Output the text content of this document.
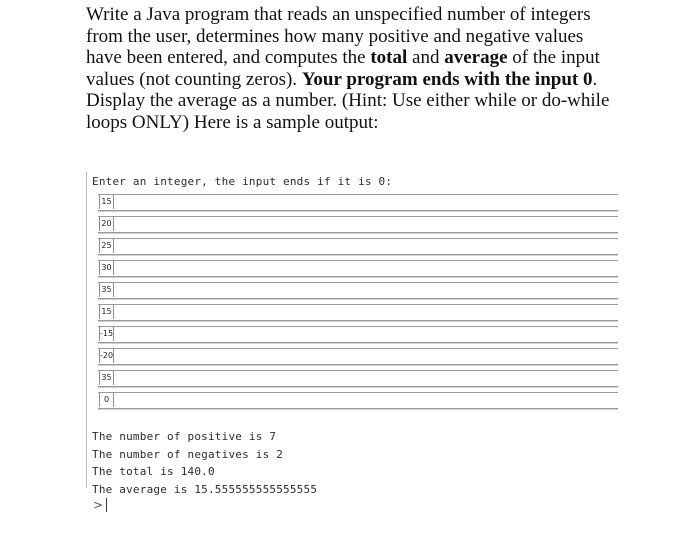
Write a Java program that reads an unspecified number of integers from the user, determines how many positive and negative values have been entered, and computes the total and average of the input values (not counting zeros). Your program ends with the input 0. Display the average as a number. (Hint: Use either while or do-while loops ONLY) Here is a sample output:

Enter an integer, the input ends if it is 0:
15
20
25
30
35
15
-15
-20
35
0
The number of positive is 7
The number of negatives is 2
The total is 140.0
The average is 15.555555555555555
>
